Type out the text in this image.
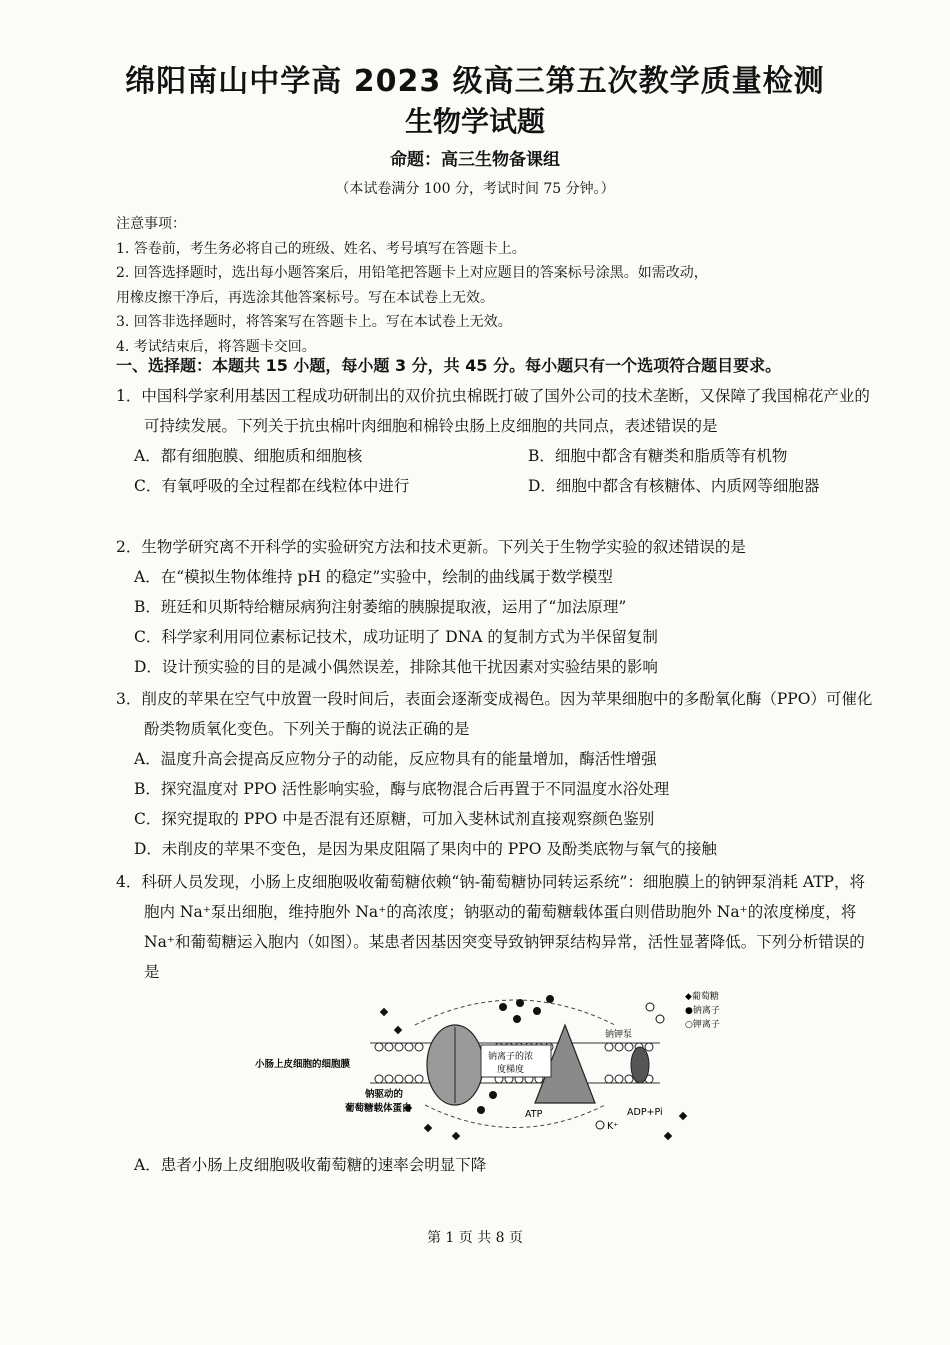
绵阳南山中学高 2023 级高三第五次教学质量检测
生物学试题
命题：高三生物备课组
（本试卷满分 100 分，考试时间 75 分钟。）

注意事项：

1. 答卷前，考生务必将自己的班级、姓名、考号填写在答题卡上。

2. 回答选择题时，选出每小题答案后，用铅笔把答题卡上对应题目的答案标号涂黑。如需改动，

用橡皮擦干净后，再选涂其他答案标号。写在本试卷上无效。

3. 回答非选择题时，将答案写在答题卡上。写在本试卷上无效。

4. 考试结束后，将答题卡交回。

一、选择题：本题共 15 小题，每小题 3 分，共 45 分。每小题只有一个选项符合题目要求。

1．中国科学家利用基因工程成功研制出的双价抗虫棉既打破了国外公司的技术垄断，又保障了我国棉花产业的可持续发展。下列关于抗虫棉叶肉细胞和棉铃虫肠上皮细胞的共同点，表述错误的是

A．都有细胞膜、细胞质和细胞核	B．细胞中都含有糖类和脂质等有机物
C．有氧呼吸的全过程都在线粒体中进行	D．细胞中都含有核糖体、内质网等细胞器

2．生物学研究离不开科学的实验研究方法和技术更新。下列关于生物学实验的叙述错误的是

A．在“模拟生物体维持 pH 的稳定”实验中，绘制的曲线属于数学模型

B．班廷和贝斯特给糖尿病狗注射萎缩的胰腺提取液，运用了“加法原理”

C．科学家利用同位素标记技术，成功证明了 DNA 的复制方式为半保留复制

D．设计预实验的目的是减小偶然误差，排除其他干扰因素对实验结果的影响

3．削皮的苹果在空气中放置一段时间后，表面会逐渐变成褐色。因为苹果细胞中的多酚氧化酶（PPO）可催化酚类物质氧化变色。下列关于酶的说法正确的是

A．温度升高会提高反应物分子的动能，反应物具有的能量增加，酶活性增强

B．探究温度对 PPO 活性影响实验，酶与底物混合后再置于不同温度水浴处理

C．探究提取的 PPO 中是否混有还原糖，可加入斐林试剂直接观察颜色鉴别

D．未削皮的苹果不变色，是因为果皮阻隔了果肉中的 PPO 及酚类底物与氧气的接触

4．科研人员发现，小肠上皮细胞吸收葡萄糖依赖“钠-葡萄糖协同转运系统”：细胞膜上的钠钾泵消耗 ATP，将胞内 Na⁺泵出细胞，维持胞外 Na⁺的高浓度；钠驱动的葡萄糖载体蛋白则借助胞外 Na⁺的浓度梯度，将 Na⁺和葡萄糖运入胞内（如图）。某患者因基因突变导致钠钾泵结构异常，活性显著降低。下列分析错误的是

小肠上皮细胞的细胞膜
钠驱动的
葡萄糖载体蛋白
钠离子的浓
度梯度
钠钾泵
ATP	ADP+Pi
K⁺
◆葡萄糖
●钠离子
○钾离子

A．患者小肠上皮细胞吸收葡萄糖的速率会明显下降

第 1 页 共 8 页
